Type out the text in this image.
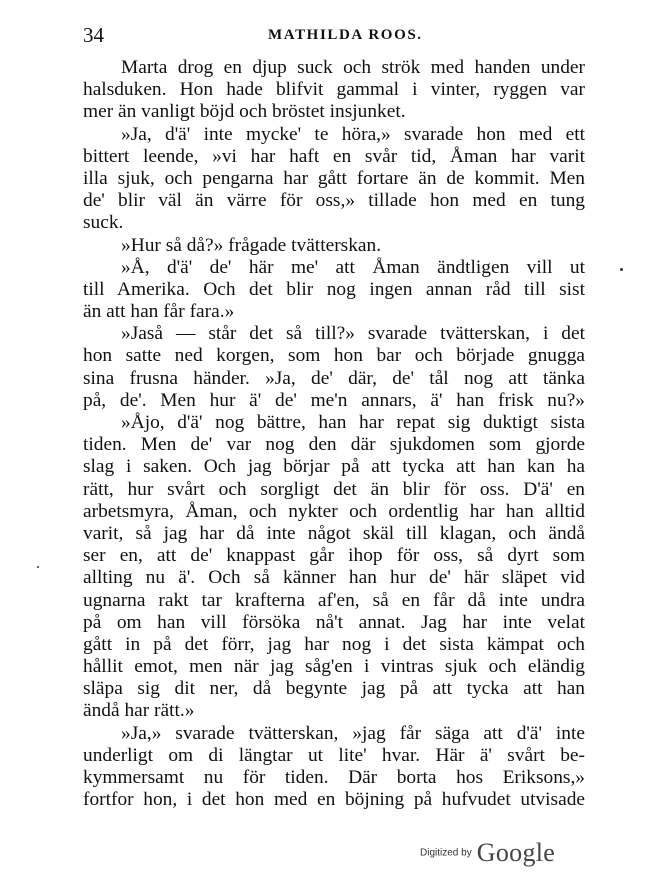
34	MATHILDA ROOS.
Marta drog en djup suck och strök med handen under
halsduken. Hon hade blifvit gammal i vinter, ryggen var
mer än vanligt böjd och bröstet insjunket.
»Ja, d'ä' inte mycke' te höra,» svarade hon med ett
bittert leende, »vi har haft en svår tid, Åman har varit
illa sjuk, och pengarna har gått fortare än de kommit. Men
de' blir väl än värre för oss,» tillade hon med en tung
suck.
»Hur så då?» frågade tvätterskan.
»Å, d'ä' de' här me' att Åman ändtligen vill ut
till Amerika. Och det blir nog ingen annan råd till sist
än att han får fara.»
»Jaså — står det så till?» svarade tvätterskan, i det
hon satte ned korgen, som hon bar och började gnugga
sina frusna händer. »Ja, de' där, de' tål nog att tänka
på, de'. Men hur ä' de' me'n annars, ä' han frisk nu?»
»Åjo, d'ä' nog bättre, han har repat sig duktigt sista
tiden. Men de' var nog den där sjukdomen som gjorde
slag i saken. Och jag börjar på att tycka att han kan ha
rätt, hur svårt och sorgligt det än blir för oss. D'ä' en
arbetsmyra, Åman, och nykter och ordentlig har han alltid
varit, så jag har då inte något skäl till klagan, och ändå
ser en, att de' knappast går ihop för oss, så dyrt som
allting nu ä'. Och så känner han hur de' här släpet vid
ugnarna rakt tar krafterna af'en, så en får då inte undra
på om han vill försöka nå't annat. Jag har inte velat
gått in på det förr, jag har nog i det sista kämpat och
hållit emot, men när jag såg'en i vintras sjuk och eländig
släpa sig dit ner, då begynte jag på att tycka att han
ändå har rätt.»
»Ja,» svarade tvätterskan, »jag får säga att d'ä' inte
underligt om di längtar ut lite' hvar. Här ä' svårt be-
kymmersamt nu för tiden. Där borta hos Eriksons,»
fortfor hon, i det hon med en böjning på hufvudet utvisade
Digitized by Google
